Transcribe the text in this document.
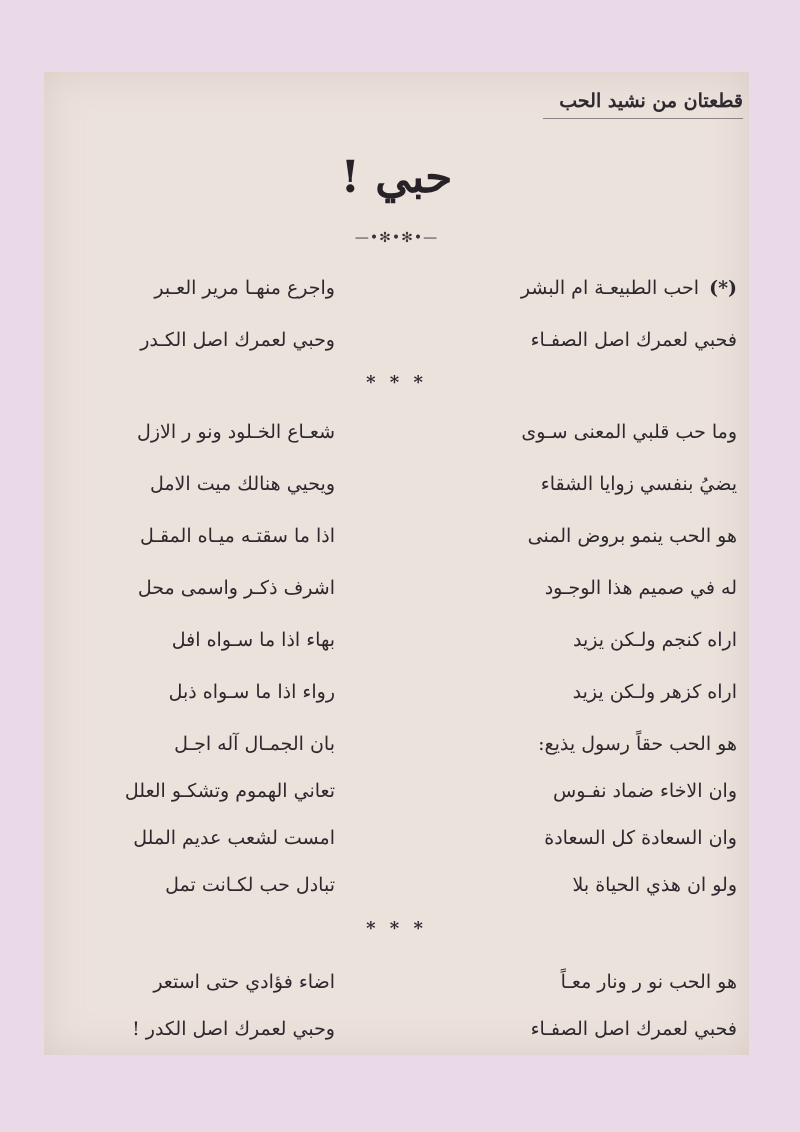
قطعتان من نشيد الحب
حبي !
—•✻•✻•—
(*) احب الطبيعـة ام البشر
واجرع منهـا مرير العـبر
فحبي لعمرك اصل الصفـاء
وحبي لعمرك اصل الكـدر
* * *
وما حب قلبي المعنى سـوى
شعـاع الخـلود ونو ر الازل
يضيُ بنفسي زوايا الشقاء
ويحيي هنالك ميت الامل
هو الحب ينمو بروض المنى
اذا ما سقتـه ميـاه المقـل
له في صميم هذا الوجـود
اشرف ذكـر واسمى محل
اراه كنجم ولـكن يزيد
بهاء اذا ما سـواه افل
اراه كزهر ولـكن يزيد
رواء اذا ما سـواه ذبل
هو الحب حقاً رسول يذيع:
بان الجمـال آله اجـل
وان الاخاء ضماد نفـوس
تعاني الهموم وتشكـو العلل
وان السعادة كل السعادة
امست لشعب عديم الملل
ولو ان هذي الحياة بلا
تبادل حب لكـانت تمل
* * *
هو الحب نو ر ونار معـاً
اضاء فؤادي حتى استعر
فحبي لعمرك اصل الصفـاء
وحبي لعمرك اصل الكدر !
